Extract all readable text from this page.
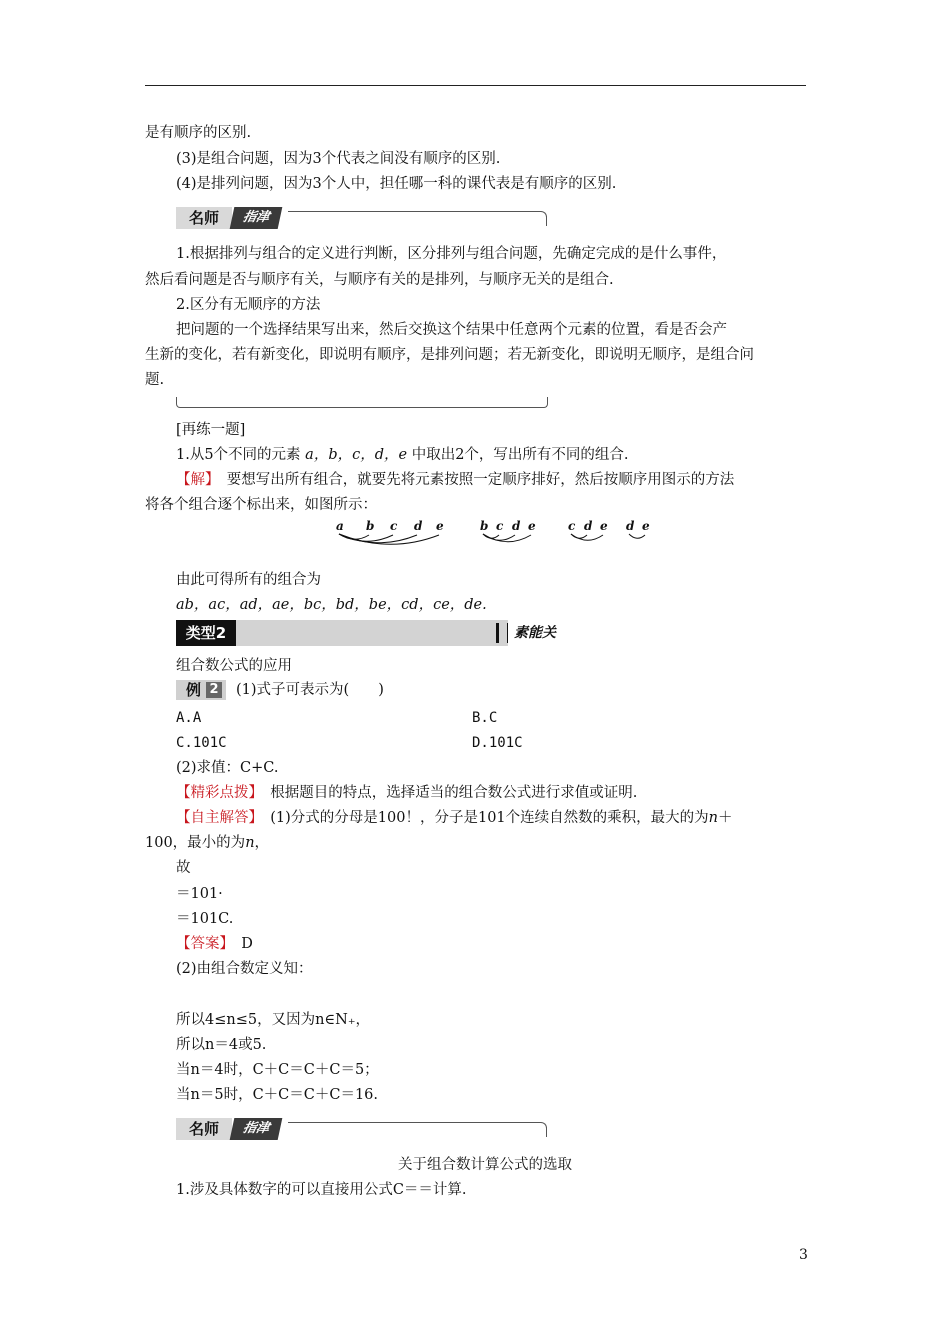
是有顺序的区别.
(3)是组合问题，因为3个代表之间没有顺序的区别.
(4)是排列问题，因为3个人中，担任哪一科的课代表是有顺序的区别.
名师	指津
1.根据排列与组合的定义进行判断，区分排列与组合问题，先确定完成的是什么事件，
然后看问题是否与顺序有关，与顺序有关的是排列，与顺序无关的是组合.
2.区分有无顺序的方法
把问题的一个选择结果写出来，然后交换这个结果中任意两个元素的位置，看是否会产
生新的变化，若有新变化，即说明有顺序，是排列问题；若无新变化，即说明无顺序，是组合问
题.
[再练一题]
1.从5个不同的元素 a，b，c，d，e 中取出2个，写出所有不同的组合.
【解】　 要想写出所有组合，就要先将元素按照一定顺序排好，然后按顺序用图示的方法
将各个组合逐个标出来，如图所示：
a b c d e	b c d e	c d e d e
由此可得所有的组合为
ab，ac，ad，ae，bc，bd，be，cd，ce，de.
类型2	素能关
组合数公式的应用
例 2 (1)式子可表示为(　　)
A.A	B.C
C.101C	D.101C
(2)求值：C+C.
【精彩点拨】　 根据题目的特点，选择适当的组合数公式进行求值或证明.
【自主解答】　 (1)分式的分母是100！，分子是101个连续自然数的乘积，最大的为n＋
100，最小的为n，
故
＝101·
＝101C.
【答案】　 D
(2)由组合数定义知：
所以4≤n≤5，又因为n∈N₊，
所以n＝4或5.
当n＝4时，C＋C＝C＋C＝5；
当n＝5时，C＋C＝C＋C＝16.
名师	指津
关于组合数计算公式的选取
1.涉及具体数字的可以直接用公式C＝＝计算.
3
